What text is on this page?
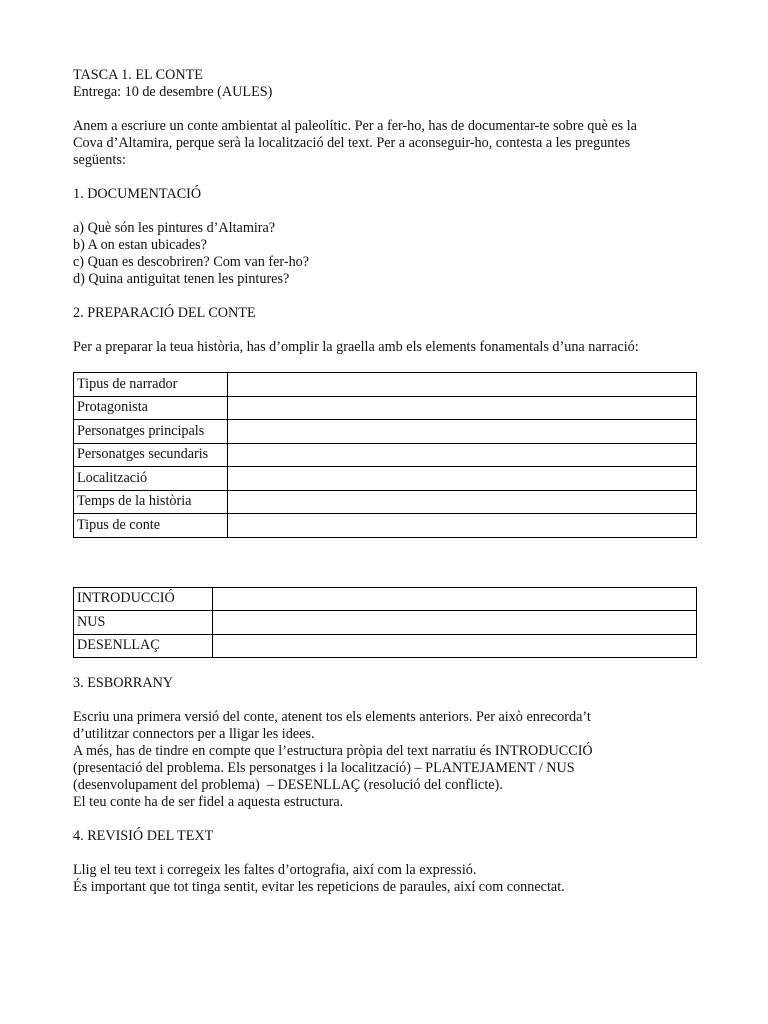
TASCA 1. EL CONTE
Entrega: 10 de desembre (AULES)
Anem a escriure un conte ambientat al paleolític. Per a fer-ho, has de documentar-te sobre què es la
Cova d’Altamira, perque serà la localització del text. Per a aconseguir-ho, contesta a les preguntes
següents:
1. DOCUMENTACIÓ
a) Què són les pintures d’Altamira?
b) A on estan ubicades?
c) Quan es descobriren? Com van fer-ho?
d) Quina antiguitat tenen les pintures?
2. PREPARACIÓ DEL CONTE
Per a preparar la teua història, has d’omplir la graella amb els elements fonamentals d’una narració:
Tipus de narrador	
Protagonista	
Personatges principals	
Personatges secundaris	
Localització	
Temps de la història	
Tipus de conte	
INTRODUCCIÓ	
NUS	
DESENLLAÇ	
3. ESBORRANY
Escriu una primera versió del conte, atenent tos els elements anteriors. Per això enrecorda’t
d’utilitzar connectors per a lligar les idees.
A més, has de tindre en compte que l’estructura pròpia del text narratiu és INTRODUCCIÓ
(presentació del problema. Els personatges i la localització) – PLANTEJAMENT / NUS
(desenvolupament del problema)  – DESENLLAÇ (resolució del conflicte).
El teu conte ha de ser fidel a aquesta estructura.
4. REVISIÓ DEL TEXT
Llig el teu text i corregeix les faltes d’ortografia, així com la expressió.
És important que tot tinga sentit, evitar les repeticions de paraules, així com connectat.
